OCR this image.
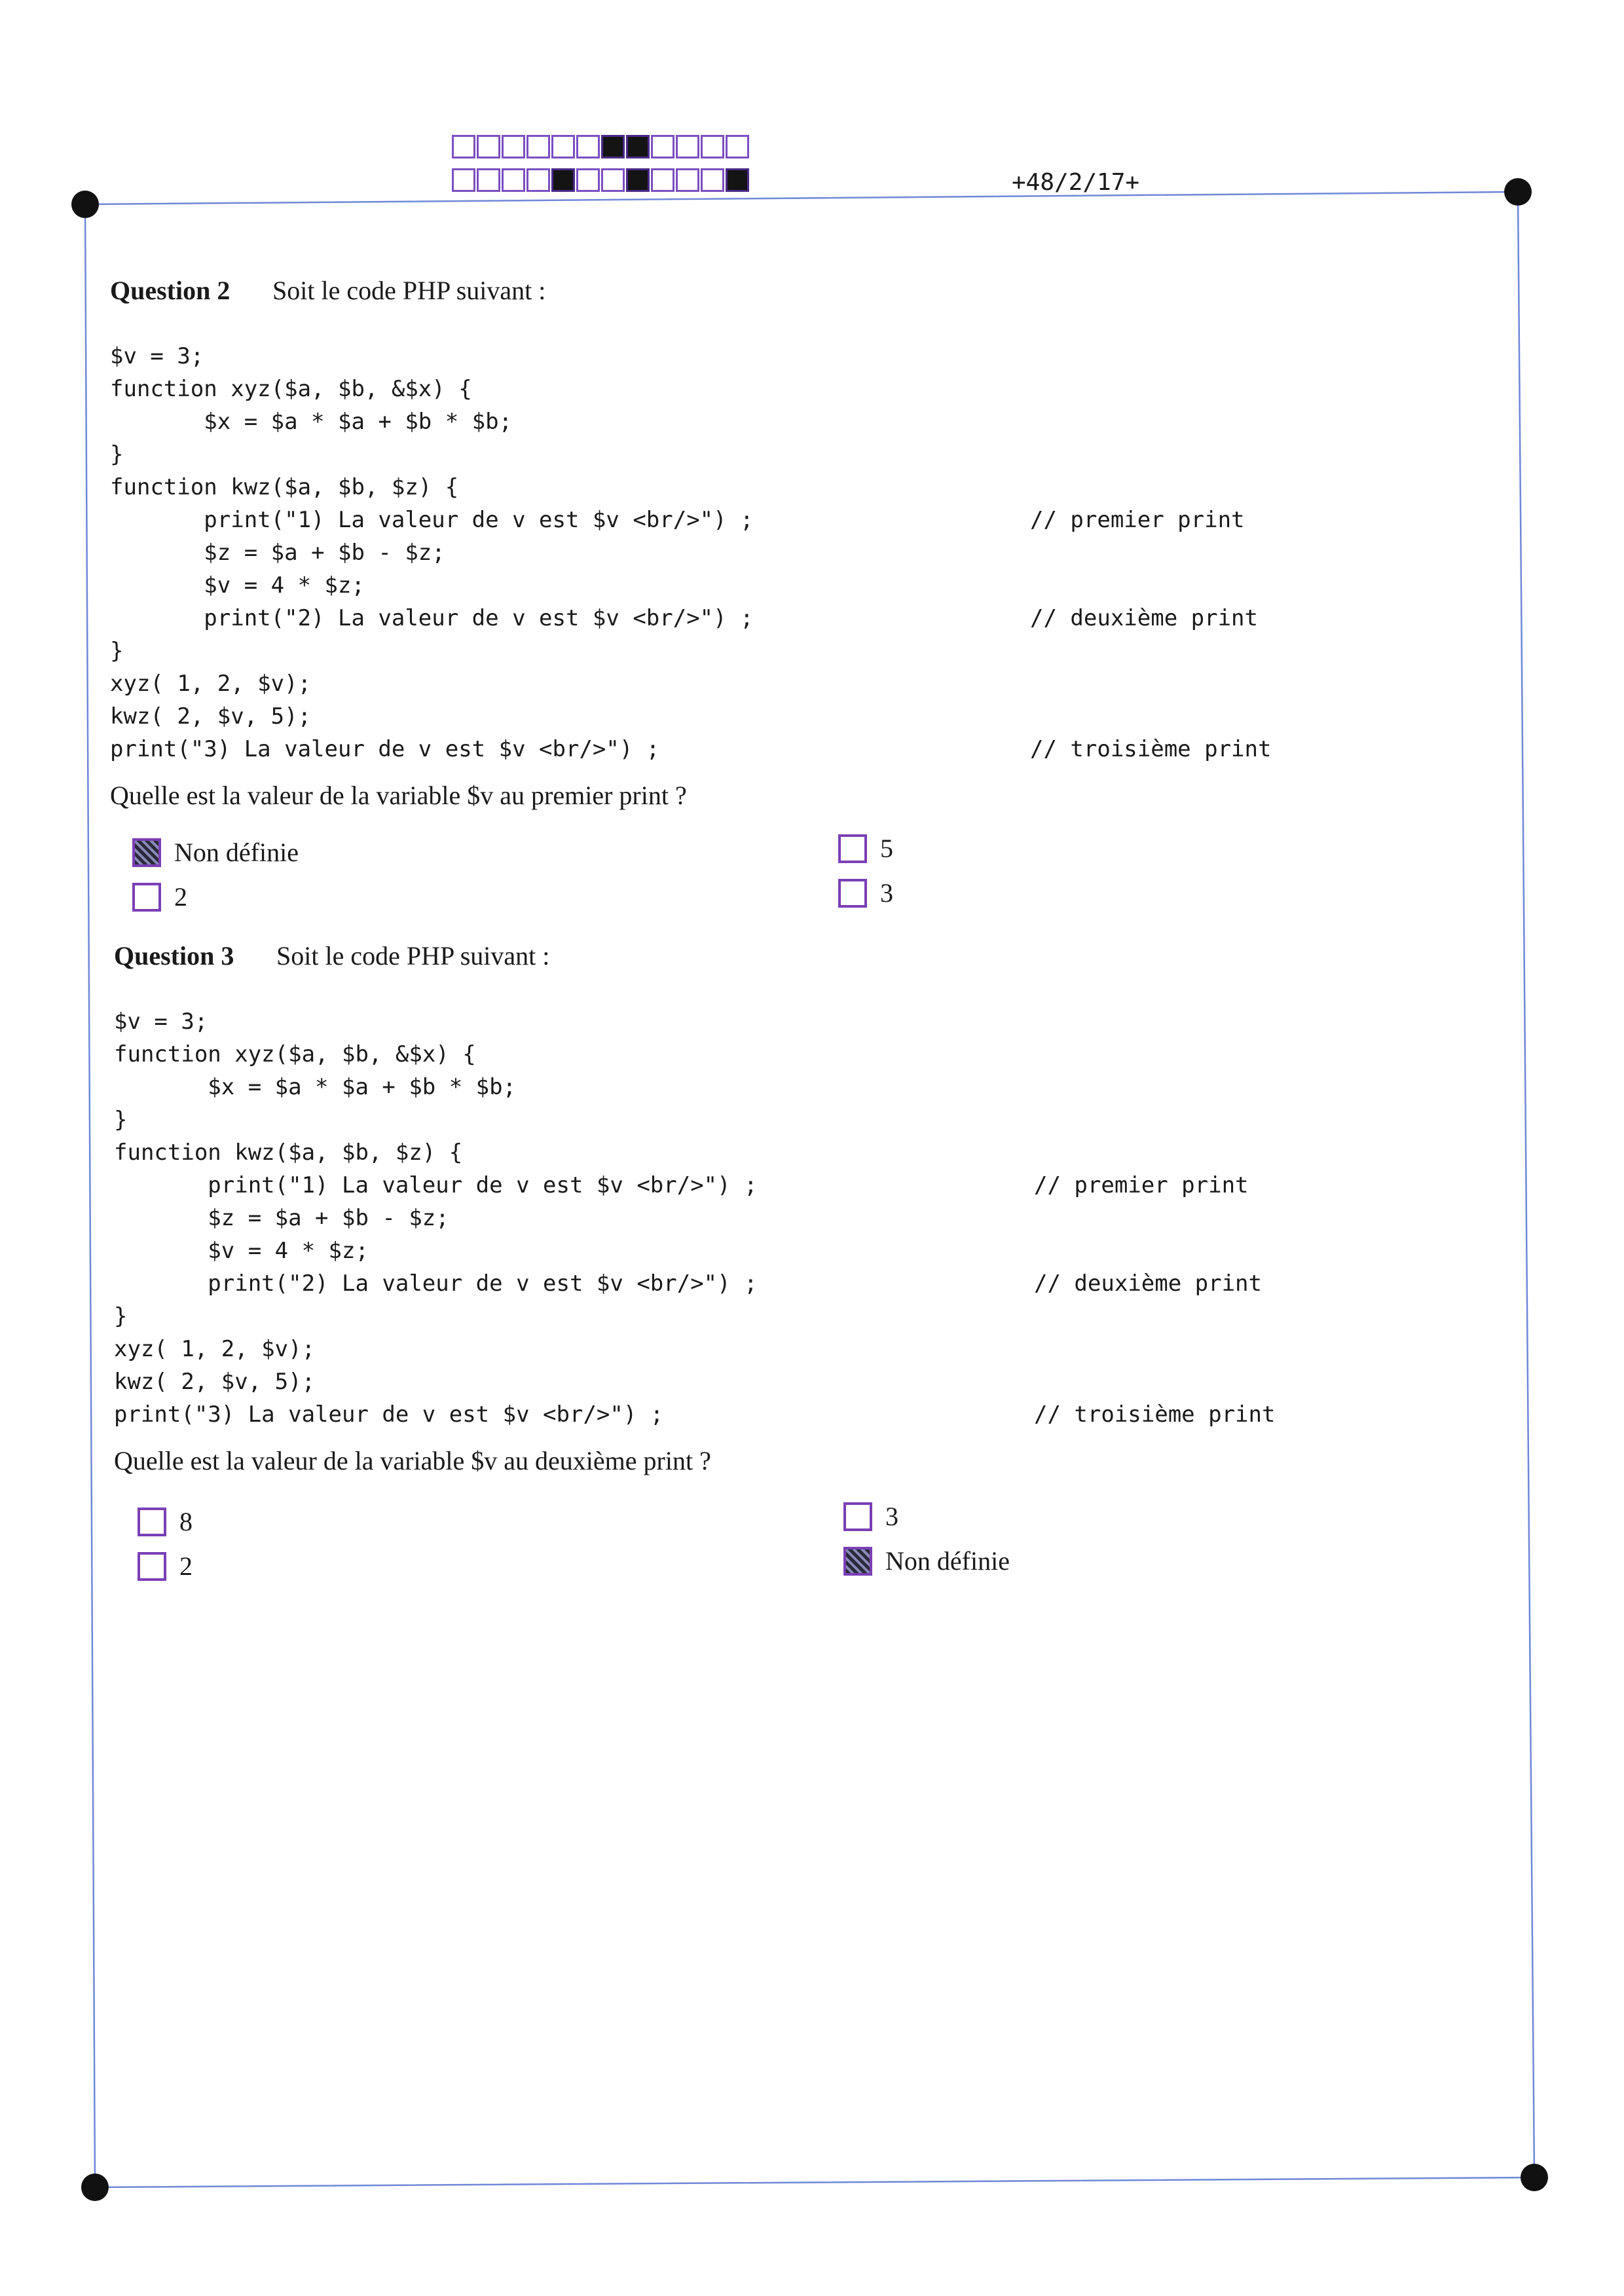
+48/2/17+
Question 2	Soit le code PHP suivant :
$v = 3;
function xyz($a, $b, &$x) {
$x = $a * $a + $b * $b;
}
function kwz($a, $b, $z) {
print("1) La valeur de v est $v <br/>") ;	// premier print
$z = $a + $b - $z;
$v = 4 * $z;
print("2) La valeur de v est $v <br/>") ;	// deuxième print
}
xyz( 1, 2, $v);
kwz( 2, $v, 5);
print("3) La valeur de v est $v <br/>") ;	// troisième print
Quelle est la valeur de la variable $v au premier print ?
Non définie
2
5
3
Question 3	Soit le code PHP suivant :
$v = 3;
function xyz($a, $b, &$x) {
$x = $a * $a + $b * $b;
}
function kwz($a, $b, $z) {
print("1) La valeur de v est $v <br/>") ;	// premier print
$z = $a + $b - $z;
$v = 4 * $z;
print("2) La valeur de v est $v <br/>") ;	// deuxième print
}
xyz( 1, 2, $v);
kwz( 2, $v, 5);
print("3) La valeur de v est $v <br/>") ;	// troisième print
Quelle est la valeur de la variable $v au deuxième print ?
8
2
3
Non définie
